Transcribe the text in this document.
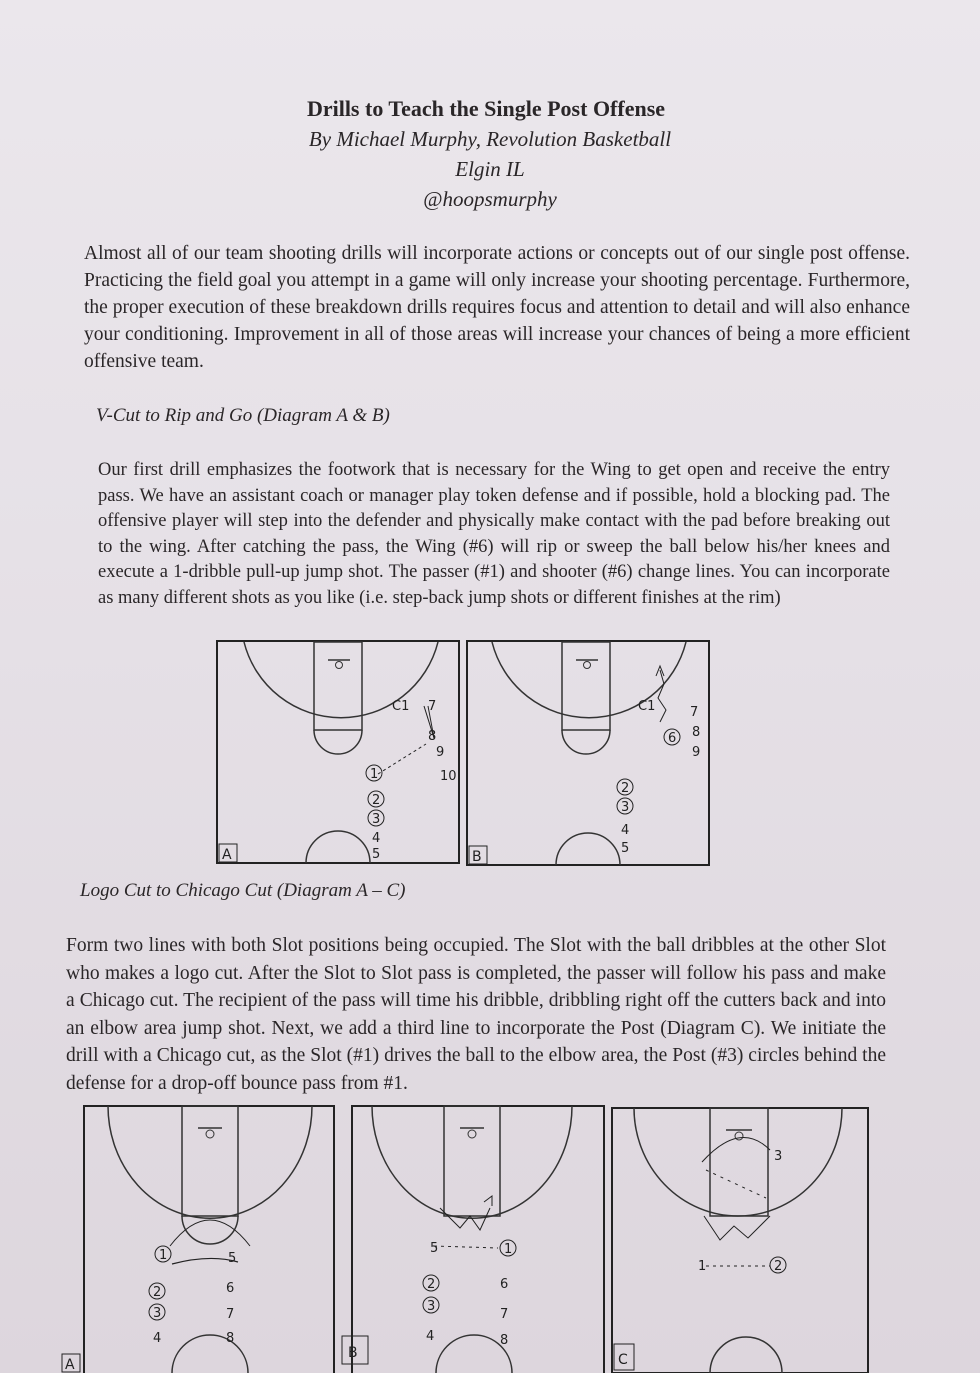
Drills to Teach the Single Post Offense
By Michael Murphy, Revolution Basketball
Elgin IL
@hoopsmurphy
Almost all of our team shooting drills will incorporate actions or concepts out of our single post offense. Practicing the field goal you attempt in a game will only increase your shooting percentage. Furthermore, the proper execution of these breakdown drills requires focus and attention to detail and will also enhance your conditioning. Improvement in all of those areas will increase your chances of being a more efficient offensive team.
V-Cut to Rip and Go (Diagram A & B)
Our first drill emphasizes the footwork that is necessary for the Wing to get open and receive the entry pass. We have an assistant coach or manager play token defense and if possible, hold a blocking pad. The offensive player will step into the defender and physically make contact with the pad before breaking out to the wing. After catching the pass, the Wing (#6) will rip or sweep the ball below his/her knees and execute a 1-dribble pull-up jump shot. The passer (#1) and shooter (#6) change lines. You can incorporate as many different shots as you like (i.e. step-back jump shots or different finishes at the rim)
A
C1 7
8
9
10
1
2
3
4
5	B
C1
6
7
8
9
2
3
4
5
Logo Cut to Chicago Cut (Diagram A – C)
Form two lines with both Slot positions being occupied. The Slot with the ball dribbles at the other Slot who makes a logo cut. After the Slot to Slot pass is completed, the passer will follow his pass and make a Chicago cut. The recipient of the pass will time his dribble, dribbling right off the cutters back and into an elbow area jump shot. Next, we add a third line to incorporate the Post (Diagram C). We initiate the drill with a Chicago cut, as the Slot (#1) drives the ball to the elbow area, the Post (#3) circles behind the defense for a drop-off bounce pass from #1.
A
1
2
3
4
5
6
7
8
B
2
3
4
1
5
6
7
8
C
3
1	2
